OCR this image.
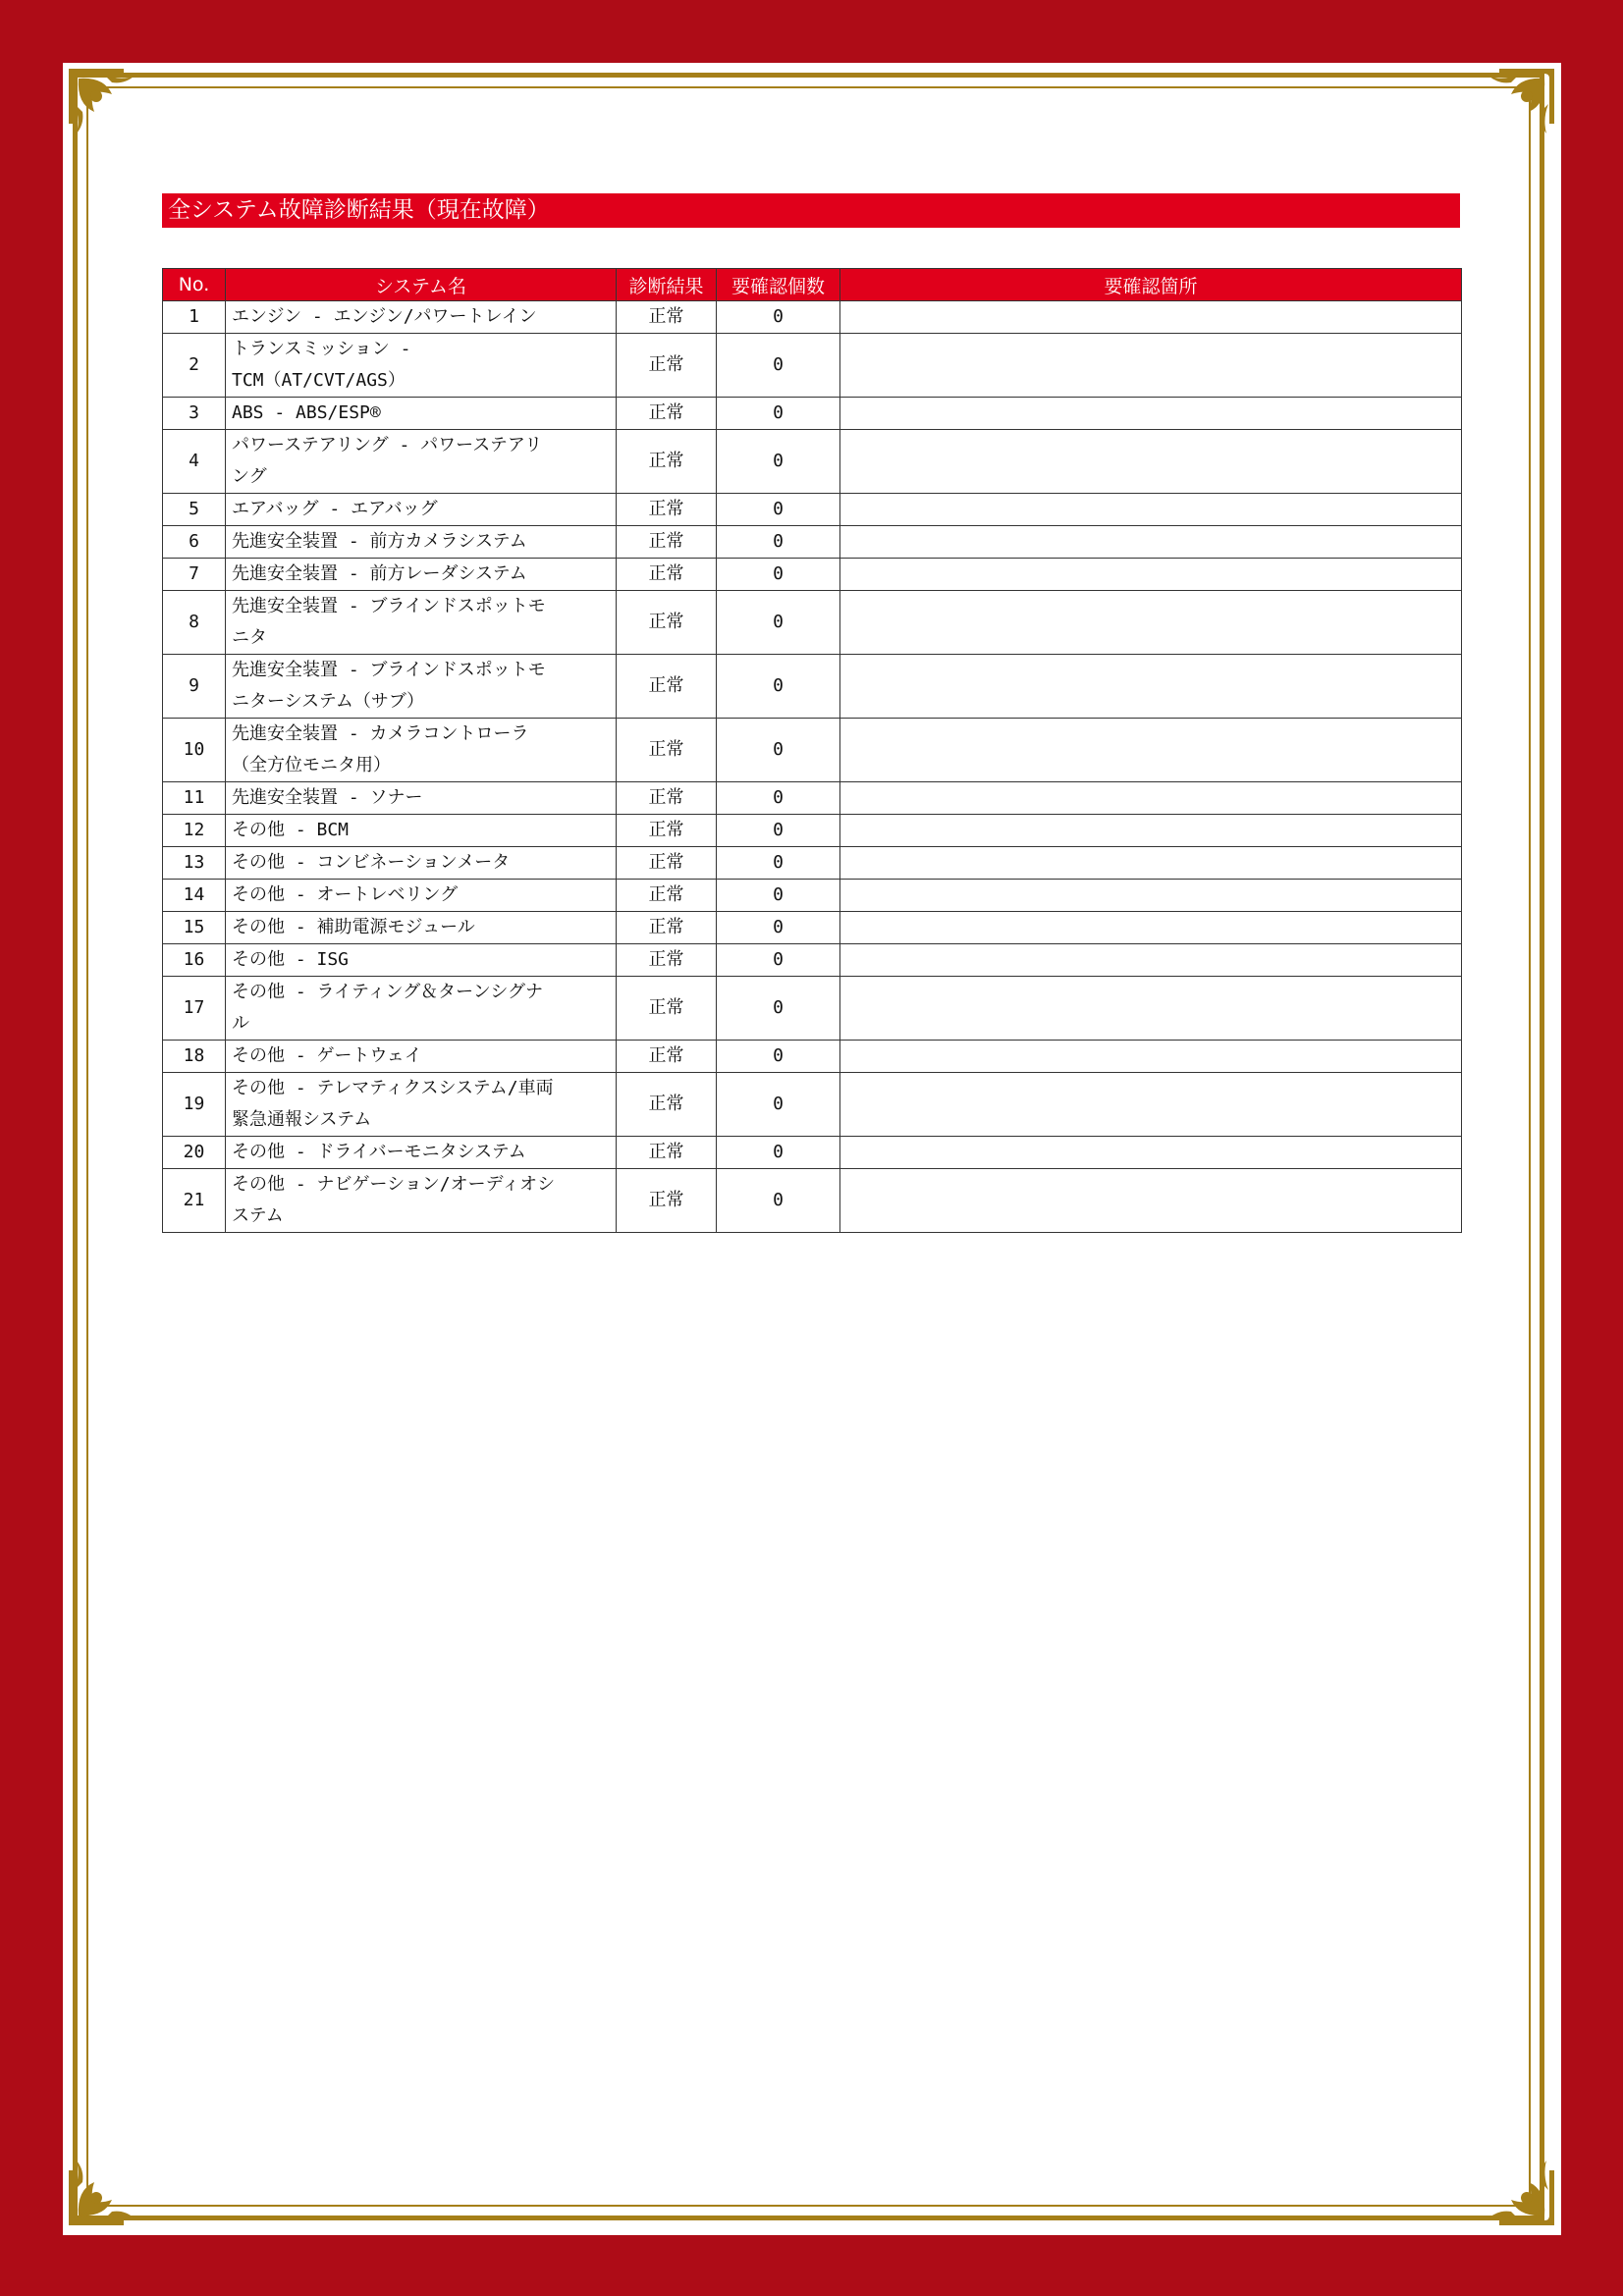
全システム故障診断結果（現在故障）
No.	システム名	診断結果	要確認個数	要確認箇所
1	エンジン - エンジン/パワートレイン	正常	0	
2	トランスミッション -
TCM（AT/CVT/AGS）	正常	0	
3	ABS - ABS/ESP®	正常	0	
4	パワーステアリング - パワーステアリ
ング	正常	0	
5	エアバッグ - エアバッグ	正常	0	
6	先進安全装置 - 前方カメラシステム	正常	0	
7	先進安全装置 - 前方レーダシステム	正常	0	
8	先進安全装置 - ブラインドスポットモ
ニタ	正常	0	
9	先進安全装置 - ブラインドスポットモ
ニターシステム（サブ）	正常	0	
10	先進安全装置 - カメラコントローラ
（全方位モニタ用）	正常	0	
11	先進安全装置 - ソナー	正常	0	
12	その他 - BCM	正常	0	
13	その他 - コンビネーションメータ	正常	0	
14	その他 - オートレベリング	正常	0	
15	その他 - 補助電源モジュール	正常	0	
16	その他 - ISG	正常	0	
17	その他 - ライティング＆ターンシグナ
ル	正常	0	
18	その他 - ゲートウェイ	正常	0	
19	その他 - テレマティクスシステム/車両
緊急通報システム	正常	0	
20	その他 - ドライバーモニタシステム	正常	0	
21	その他 - ナビゲーション/オーディオシ
ステム	正常	0	
